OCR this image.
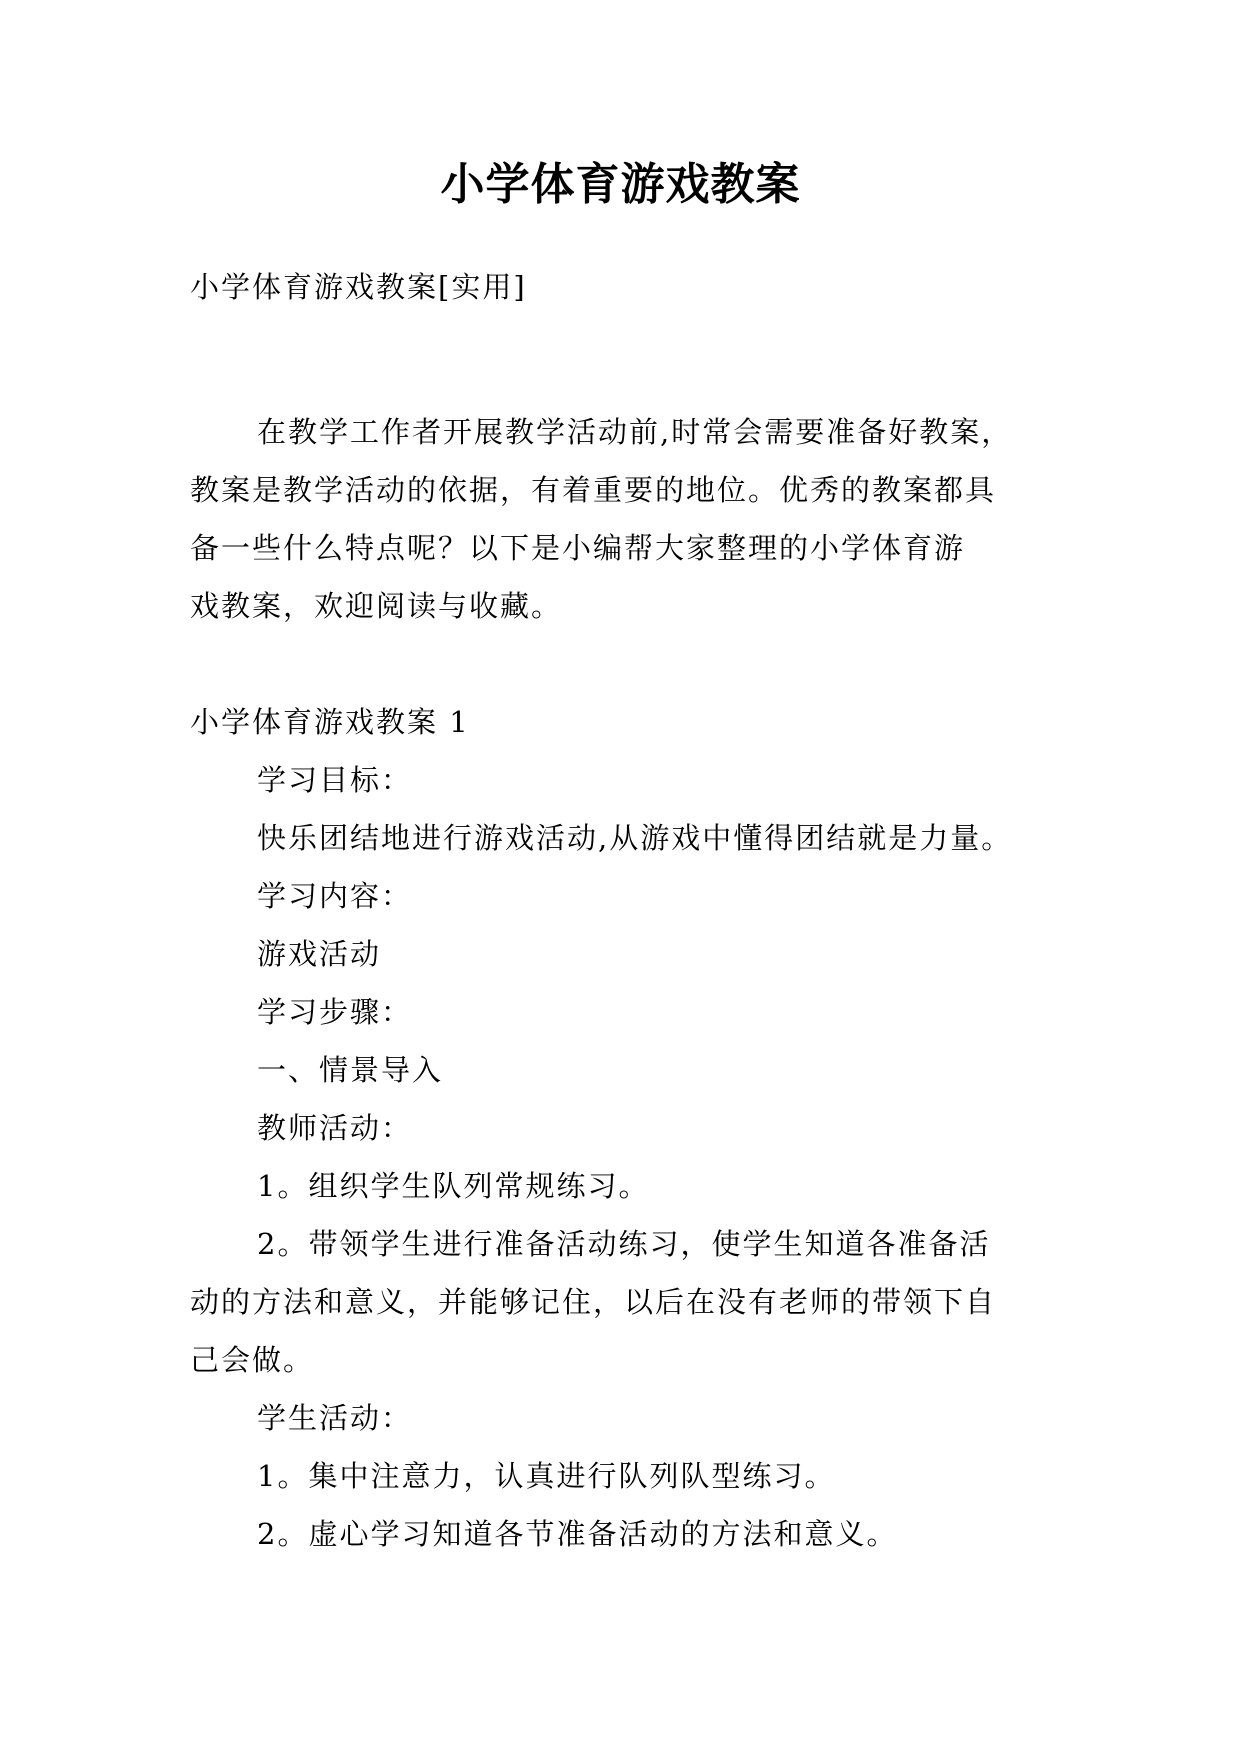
小学体育游戏教案
小学体育游戏教案[实用]
在教学工作者开展教学活动前,时常会需要准备好教案，
教案是教学活动的依据，有着重要的地位。优秀的教案都具
备一些什么特点呢？以下是小编帮大家整理的小学体育游
戏教案，欢迎阅读与收藏。
小学体育游戏教案 1
学习目标：
快乐团结地进行游戏活动,从游戏中懂得团结就是力量。
学习内容：
游戏活动
学习步骤：
一、情景导入
教师活动：
1。组织学生队列常规练习。
2。带领学生进行准备活动练习，使学生知道各准备活
动的方法和意义，并能够记住，以后在没有老师的带领下自
己会做。
学生活动：
1。集中注意力，认真进行队列队型练习。
2。虚心学习知道各节准备活动的方法和意义。
